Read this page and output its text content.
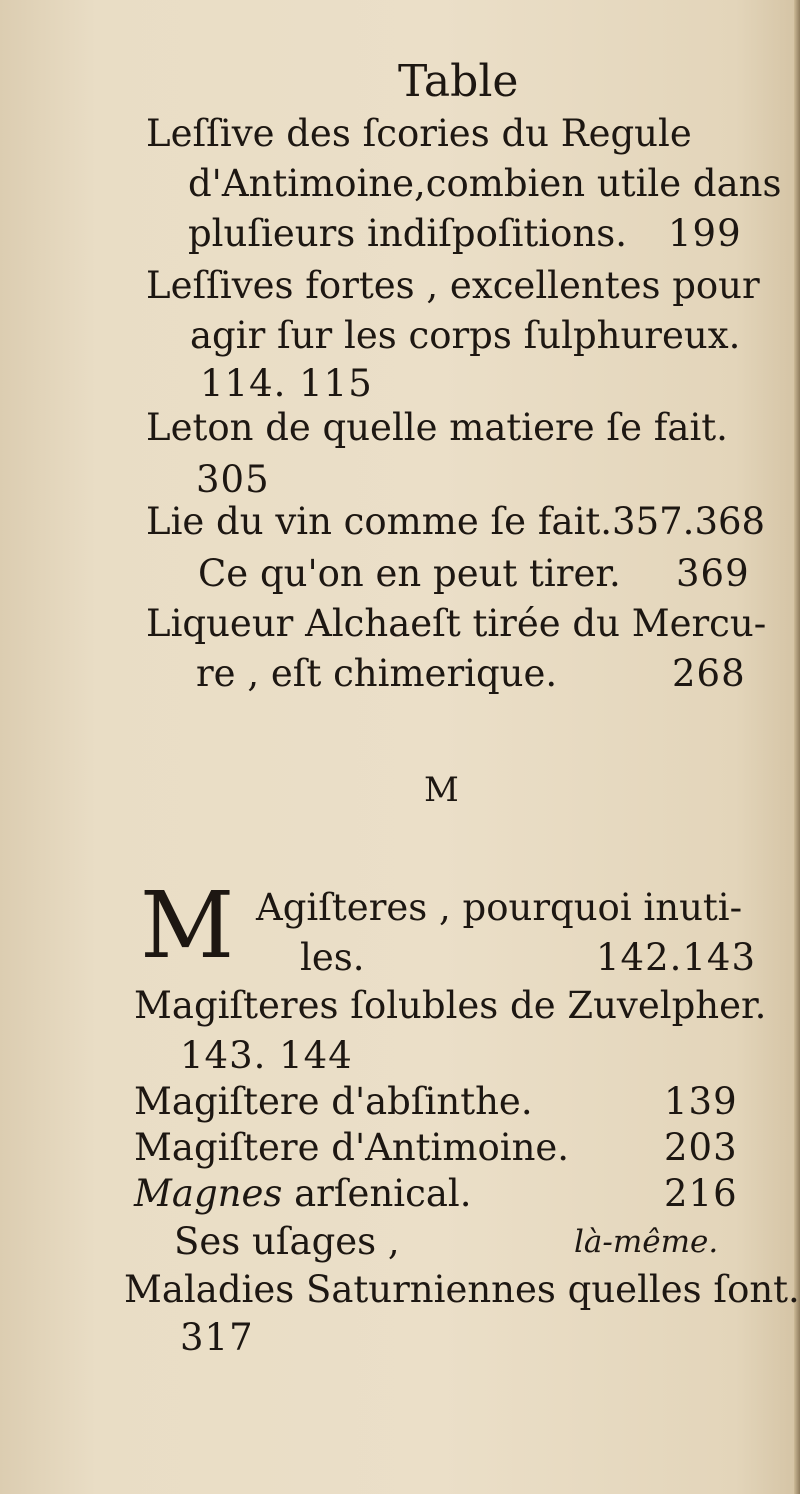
Table
Leſſive des ſcories du Regule
d'Antimoine,combien utile dans
pluſieurs indiſpoſitions. 199
Leſſives fortes , excellentes pour
agir ſur les corps ſulphureux.
114. 115
Leton de quelle matiere ſe fait.
305
Lie du vin comme ſe fait.357.368
Ce qu'on en peut tirer. 369
Liqueur Alchaeſt tirée du Mercu-
re , eſt chimerique.	268
M
M Agiſteres , pourquoi inuti-
les.	142.143
Magiſteres ſolubles de Zuvelpher.
143. 144
Magiſtere d'abſinthe.	139
Magiſtere d'Antimoine.	203
Magnes arſenical.	216
Ses uſages ,	là-même.
Maladies Saturniennes quelles ſont.
317
